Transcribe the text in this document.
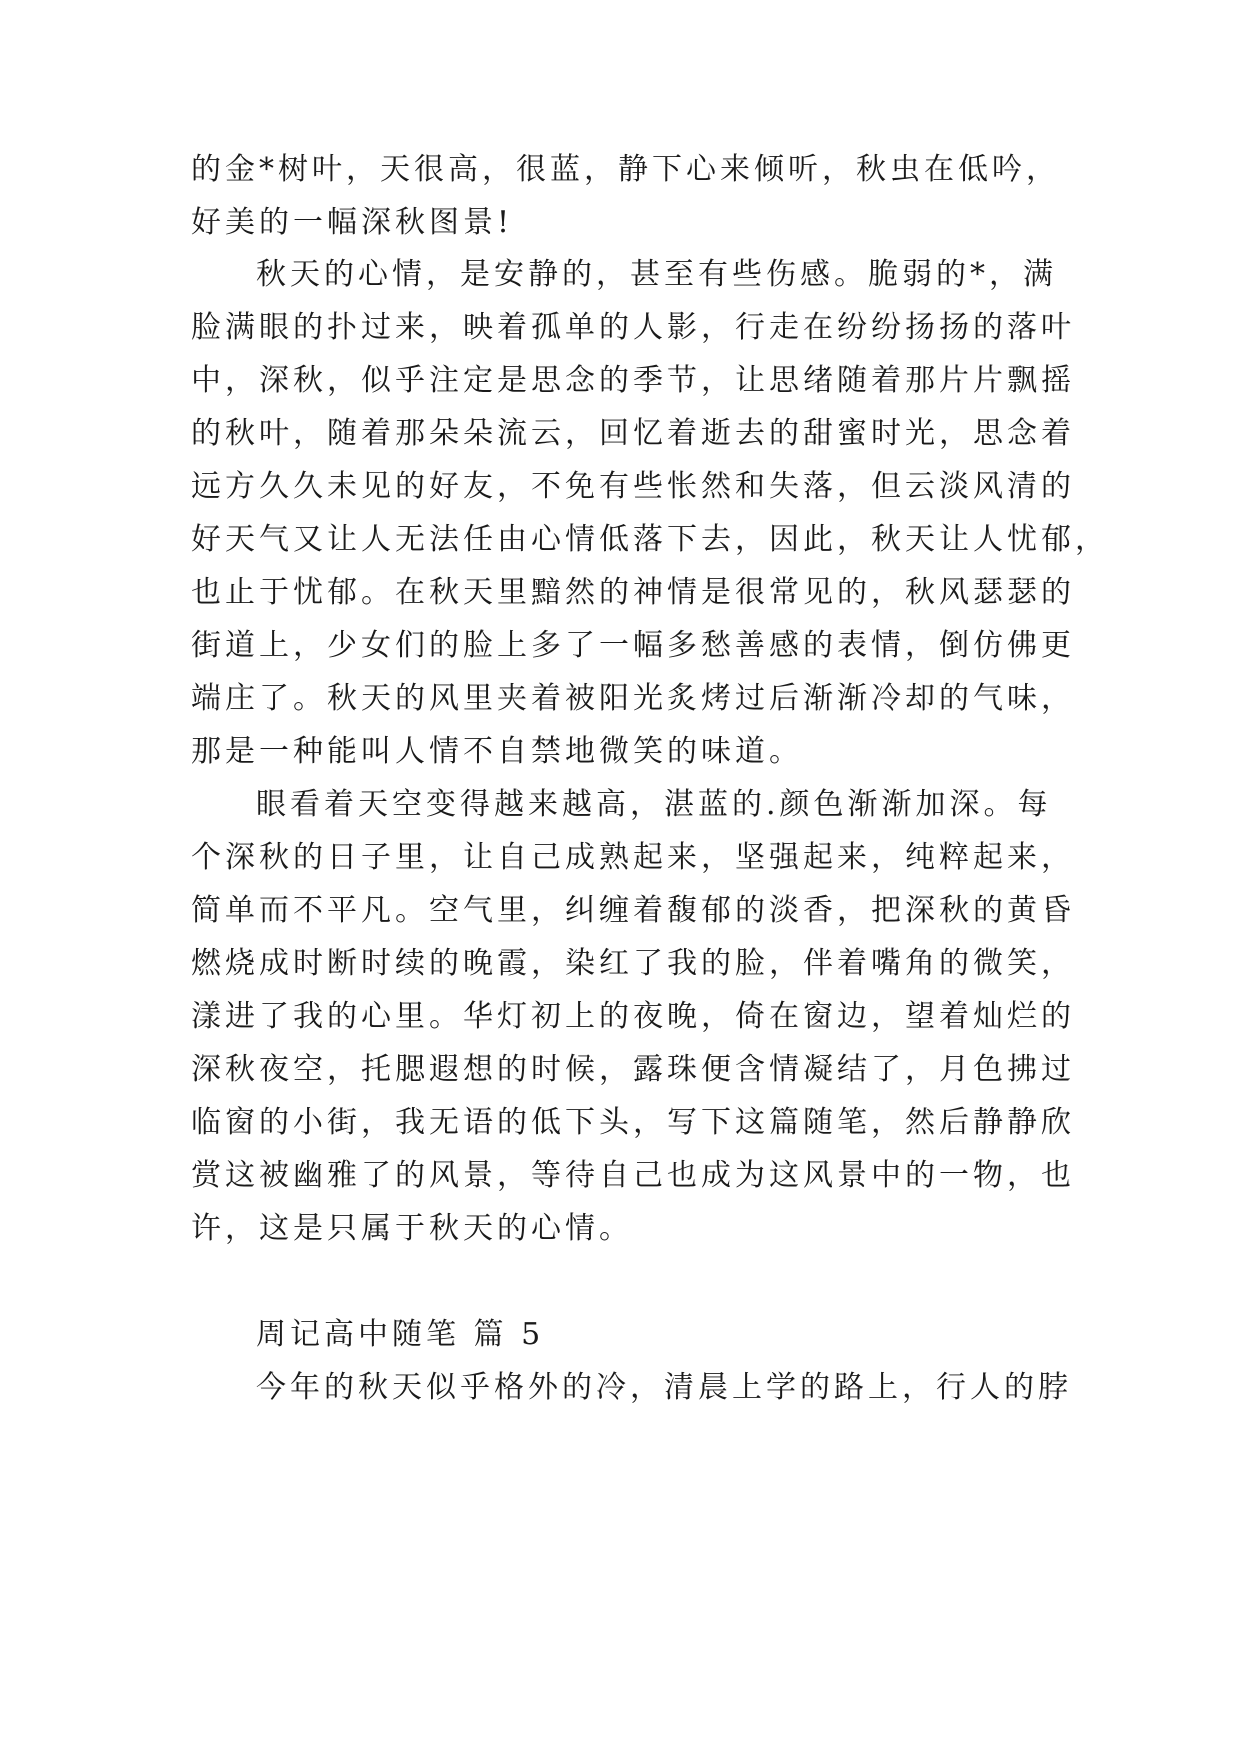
的金*树叶，天很高，很蓝，静下心来倾听，秋虫在低吟，
好美的一幅深秋图景!
秋天的心情，是安静的，甚至有些伤感。脆弱的*，满
脸满眼的扑过来，映着孤单的人影，行走在纷纷扬扬的落叶
中，深秋，似乎注定是思念的季节，让思绪随着那片片飘摇
的秋叶，随着那朵朵流云，回忆着逝去的甜蜜时光，思念着
远方久久未见的好友，不免有些怅然和失落，但云淡风清的
好天气又让人无法任由心情低落下去，因此，秋天让人忧郁，
也止于忧郁。在秋天里黯然的神情是很常见的，秋风瑟瑟的
街道上，少女们的脸上多了一幅多愁善感的表情，倒仿佛更
端庄了。秋天的风里夹着被阳光炙烤过后渐渐冷却的气味，
那是一种能叫人情不自禁地微笑的味道。
眼看着天空变得越来越高，湛蓝的.颜色渐渐加深。每
个深秋的日子里，让自己成熟起来，坚强起来，纯粹起来，
简单而不平凡。空气里，纠缠着馥郁的淡香，把深秋的黄昏
燃烧成时断时续的晚霞，染红了我的脸，伴着嘴角的微笑，
漾进了我的心里。华灯初上的夜晚，倚在窗边，望着灿烂的
深秋夜空，托腮遐想的时候，露珠便含情凝结了，月色拂过
临窗的小街，我无语的低下头，写下这篇随笔，然后静静欣
赏这被幽雅了的风景，等待自己也成为这风景中的一物，也
许，这是只属于秋天的心情。
周记高中随笔 篇 5
今年的秋天似乎格外的冷，清晨上学的路上，行人的脖
